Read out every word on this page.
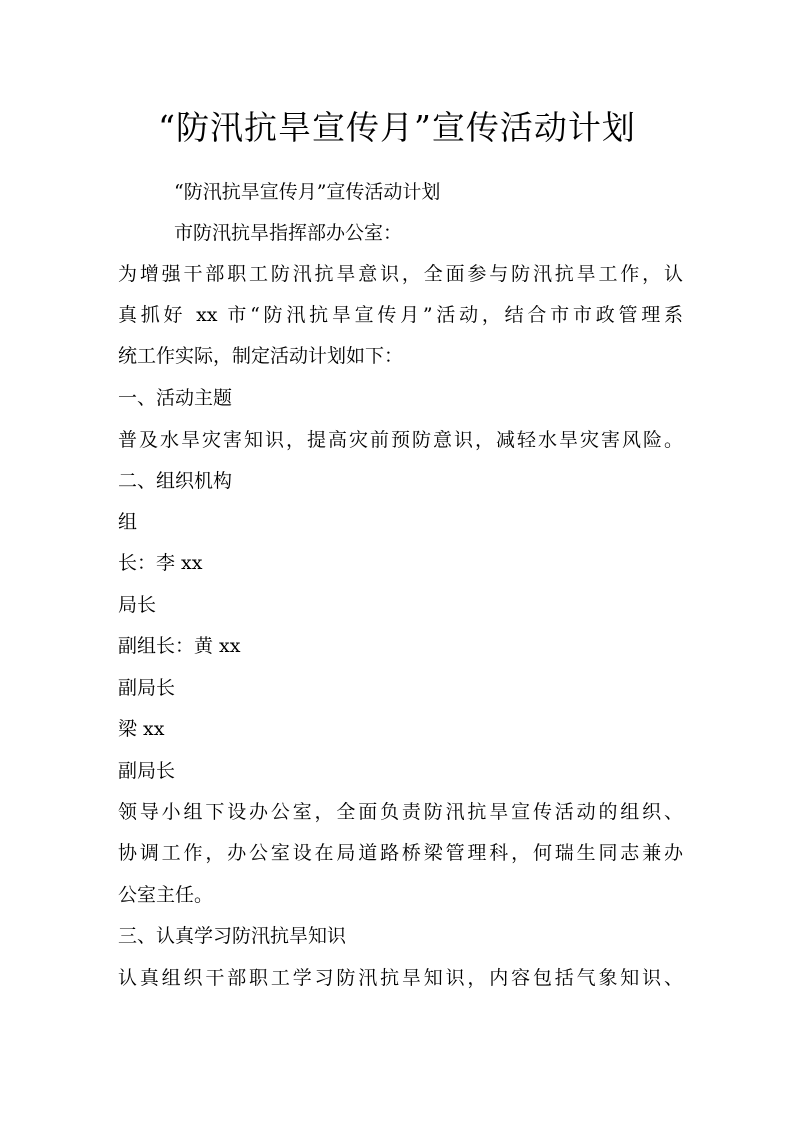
“防汛抗旱宣传月”宣传活动计划
“防汛抗旱宣传月”宣传活动计划
市防汛抗旱指挥部办公室：
为增强干部职工防汛抗旱意识，全面参与防汛抗旱工作，认
真抓好 xx 市“防汛抗旱宣传月”活动，结合市市政管理系
统工作实际，制定活动计划如下：
一、活动主题
普及水旱灾害知识，提高灾前预防意识，减轻水旱灾害风险。
二、组织机构
组
长：李 xx
局长
副组长：黄 xx
副局长
梁 xx
副局长
领导小组下设办公室，全面负责防汛抗旱宣传活动的组织、
协调工作，办公室设在局道路桥梁管理科，何瑞生同志兼办
公室主任。
三、认真学习防汛抗旱知识
认真组织干部职工学习防汛抗旱知识，内容包括气象知识、
